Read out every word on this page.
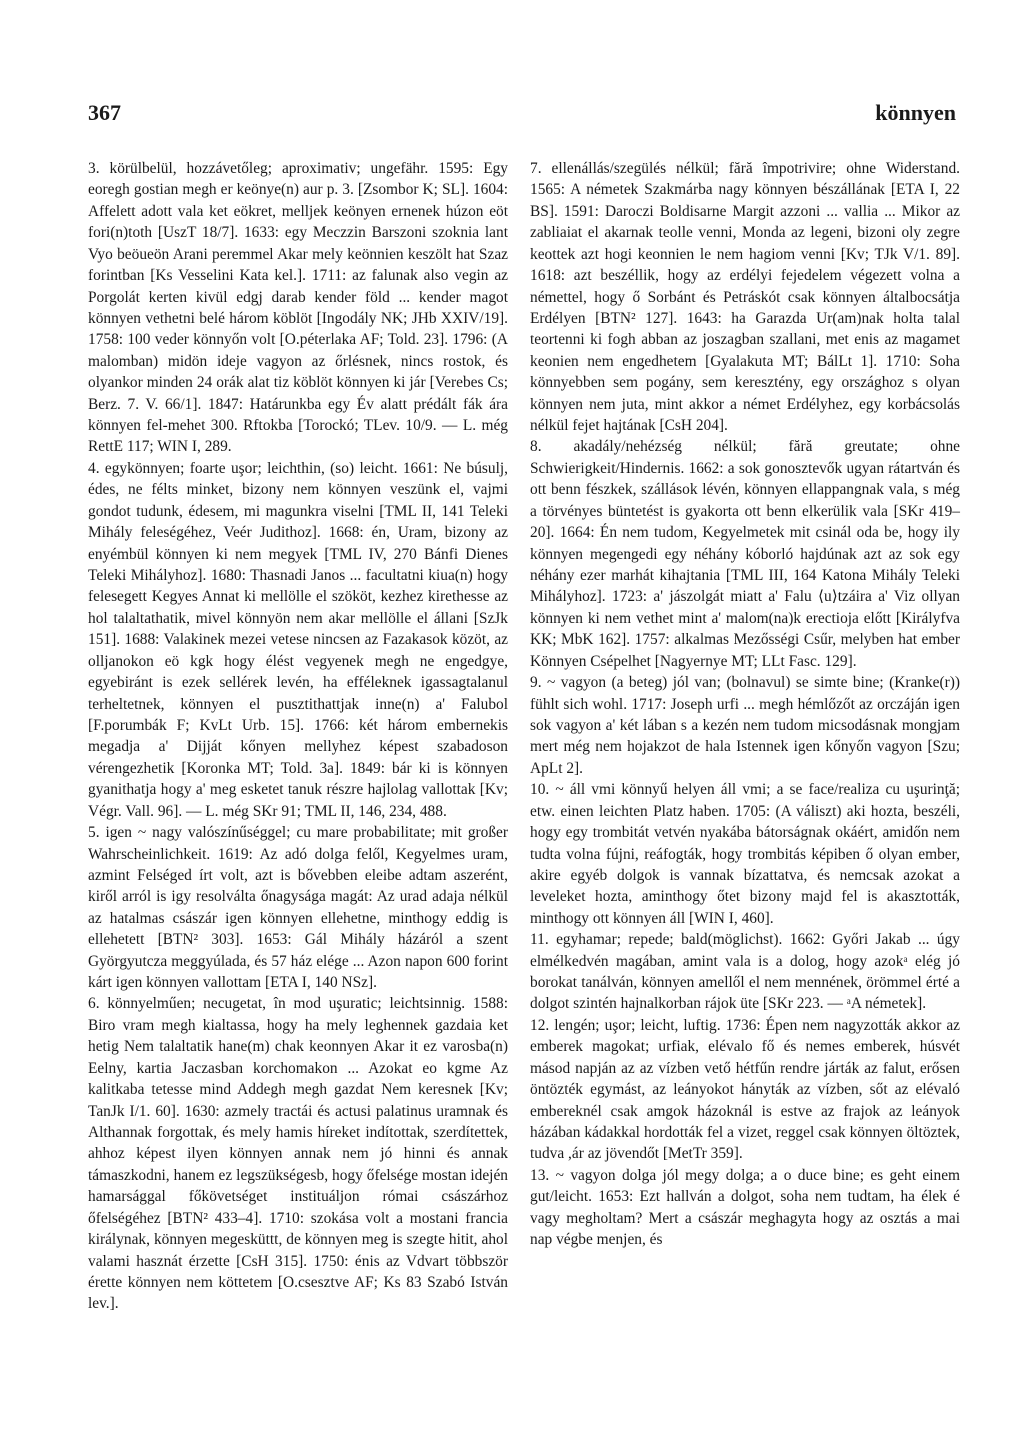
367	könnyen

3. körülbelül, hozzávetőleg; aproximativ; ungefähr. 1595: Egy eoregh gostian megh er keönye(n) aur p. 3. [Zsombor K; SL]. 1604: Affelett adott vala ket eökret, melljek keönyen ernenek húzon eöt fori(n)toth [UszT 18/7]. 1633: egy Meczzin Barszoni szoknia lant Vyo beöueön Arani peremmel Akar mely keönnien keszölt hat Szaz forintban [Ks Vesselini Kata kel.]. 1711: az falunak also vegin az Porgolát kerten kivül edgj darab kender föld ... kender magot könnyen vethetni belé három köblöt [Ingodály NK; JHb XXIV/19]. 1758: 100 veder könnyőn volt [O.péterlaka AF; Told. 23]. 1796: (A malomban) midön ideje vagyon az őrlésnek, nincs rostok, és olyankor minden 24 orák alat tiz köblöt könnyen ki jár [Verebes Cs; Berz. 7. V. 66/1]. 1847: Határunkba egy Év alatt prédált fák ára könnyen fel-mehet 300. Rftokba [Torockó; TLev. 10/9. — L. még RettE 117; WIN I, 289.

4. egykönnyen; foarte uşor; leichthin, (so) leicht. 1661: Ne búsulj, édes, ne félts minket, bizony nem könnyen veszünk el, vajmi gondot tudunk, édesem, mi magunkra viselni [TML II, 141 Teleki Mihály feleségéhez, Veér Judithoz]. 1668: én, Uram, bizony az enyémbül könnyen ki nem megyek [TML IV, 270 Bánfi Dienes Teleki Mihályhoz]. 1680: Thasnadi Janos ... facultatni kiua(n) hogy felesegett Kegyes Annat ki mellölle el szököt, kezhez kirethesse az hol talaltathatik, mivel könnyön nem akar mellölle el állani [SzJk 151]. 1688: Valakinek mezei vetese nincsen az Fazakasok közöt, az olljanokon eö kgk hogy élést vegyenek megh ne engedgye, egyebiránt is ezek sellérek levén, ha efféleknek igassagtalanul terheltetnek, könnyen el pusztithattjak inne(n) a' Falubol [F.porumbák F; KvLt Urb. 15]. 1766: két három embernekis megadja a' Dijját kőnyen mellyhez képest szabadoson vérengezhetik [Koronka MT; Told. 3a]. 1849: bár ki is könnyen gyanithatja hogy a' meg esketet tanuk részre hajlolag vallottak [Kv; Végr. Vall. 96]. — L. még SKr 91; TML II, 146, 234, 488.

5. igen ~ nagy valószínűséggel; cu mare probabilitate; mit großer Wahrscheinlichkeit. 1619: Az adó dolga felől, Kegyelmes uram, azmint Felséged írt volt, azt is bővebben eleibe adtam aszerént, kiről arról is igy resolválta őnagysága magát: Az urad adaja nélkül az hatalmas császár igen könnyen ellehetne, minthogy eddig is ellehetett [BTN² 303]. 1653: Gál Mihály házáról a szent Györgyutcza meggyúlada, és 57 ház elége ... Azon napon 600 forint kárt igen könnyen vallottam [ETA I, 140 NSz].

6. könnyelműen; necugetat, în mod uşuratic; leichtsinnig. 1588: Biro vram megh kialtassa, hogy ha mely leghennek gazdaia ket hetig Nem talaltatik hane(m) chak keonnyen Akar it ez varosba(n) Eelny, kartia Jaczasban korchomakon ... Azokat eo kgme Az kalitkaba tetesse mind Addegh megh gazdat Nem keresnek [Kv; TanJk I/1. 60]. 1630: azmely tractái és actusi palatinus uramnak és Althannak forgottak, és mely hamis híreket indítottak, szerdítettek, ahhoz képest ilyen könnyen annak nem jó hinni és annak támaszkodni, hanem ez legszükségesb, hogy őfelsége mostan idején hamarsággal főkövetséget instituáljon római császárhoz őfelségéhez [BTN² 433–4]. 1710: szokása volt a mostani francia királynak, könnyen megesküttt, de könnyen meg is szegte hitit, ahol valami hasznát érzette [CsH 315]. 1750: énis az Vdvart többször érette könnyen nem köttetem [O.csesztve AF; Ks 83 Szabó István lev.].

7. ellenállás/szegülés nélkül; fără împotrivire; ohne Widerstand. 1565: A németek Szakmárba nagy könnyen bészállának [ETA I, 22 BS]. 1591: Daroczi Boldisarne Margit azzoni ... vallia ... Mikor az zabliaiat el akarnak teolle venni, Monda az legeni, bizoni oly zegre keottek azt hogi keonnien le nem hagiom venni [Kv; TJk V/1. 89]. 1618: azt beszéllik, hogy az erdélyi fejedelem végezett volna a némettel, hogy ő Sorbánt és Petráskót csak könnyen általbocsátja Erdélyen [BTN² 127]. 1643: ha Garazda Ur(am)nak holta talal teortenni ki fogh abban az joszagban szallani, met enis az magamet keonien nem engedhetem [Gyalakuta MT; BálLt 1]. 1710: Soha könnyebben sem pogány, sem keresztény, egy országhoz s olyan könnyen nem juta, mint akkor a német Erdélyhez, egy korbácsolás nélkül fejet hajtának [CsH 204].

8. akadály/nehézség nélkül; fără greutate; ohne Schwierigkeit/Hindernis. 1662: a sok gonosztevők ugyan rátartván és ott benn fészkek, szállások lévén, könnyen ellappangnak vala, s még a törvényes büntetést is gyakorta ott benn elkerülik vala [SKr 419–20]. 1664: Én nem tudom, Kegyelmetek mit csinál oda be, hogy ily könnyen megengedi egy néhány kóborló hajdúnak azt az sok egy néhány ezer marhát kihajtania [TML III, 164 Katona Mihály Teleki Mihályhoz]. 1723: a' jászolgát miatt a' Falu ⟨u⟩tzáira a' Viz ollyan könnyen ki nem vethet mint a' malom(na)k erectioja előtt [Királyfva KK; MbK 162]. 1757: alkalmas Mezősségi Csűr, melyben hat ember Könnyen Csépelhet [Nagyernye MT; LLt Fasc. 129].

9. ~ vagyon (a beteg) jól van; (bolnavul) se simte bine; (Kranke(r)) fühlt sich wohl. 1717: Joseph urfi ... megh hémlőzőt az orczáján igen sok vagyon a' két lában s a kezén nem tudom micsodásnak mongjam mert még nem hojakzot de hala Istennek igen kőnyőn vagyon [Szu; ApLt 2].

10. ~ áll vmi könnyű helyen áll vmi; a se face/realiza cu uşurinţă; etw. einen leichten Platz haben. 1705: (A váliszt) aki hozta, beszéli, hogy egy trombitát vetvén nyakába bátorságnak okáért, amidőn nem tudta volna fújni, reáfogták, hogy trombitás képiben ő olyan ember, akire egyéb dolgok is vannak bízattatva, és nemcsak azokat a leveleket hozta, aminthogy őtet bizony majd fel is akasztották, minthogy ott könnyen áll [WIN I, 460].

11. egyhamar; repede; bald(möglichst). 1662: Győri Jakab ... úgy elmélkedvén magában, amint vala is a dolog, hogy azokᵃ elég jó borokat tanálván, könnyen amellől el nem mennének, örömmel érté a dolgot szintén hajnalkorban rájok üte [SKr 223. — ᵃA németek].

12. lengén; uşor; leicht, luftig. 1736: Épen nem nagyzották akkor az emberek magokat; urfiak, elévalo fő és nemes emberek, húsvét másod napján az az vízben vető hétfűn rendre járták az falut, erősen öntözték egymást, az leányokot hányták az vízben, sőt az elévaló embereknél csak amgok házoknál is estve az frajok az leányok házában kádakkal hordották fel a vizet, reggel csak könnyen öltöztek, tudva ,ár az jövendőt [MetTr 359].

13. ~ vagyon dolga jól megy dolga; a o duce bine; es geht einem gut/leicht. 1653: Ezt hallván a dolgot, soha nem tudtam, ha élek é vagy megholtam? Mert a császár meghagyta hogy az osztás a mai nap végbe menjen, és
